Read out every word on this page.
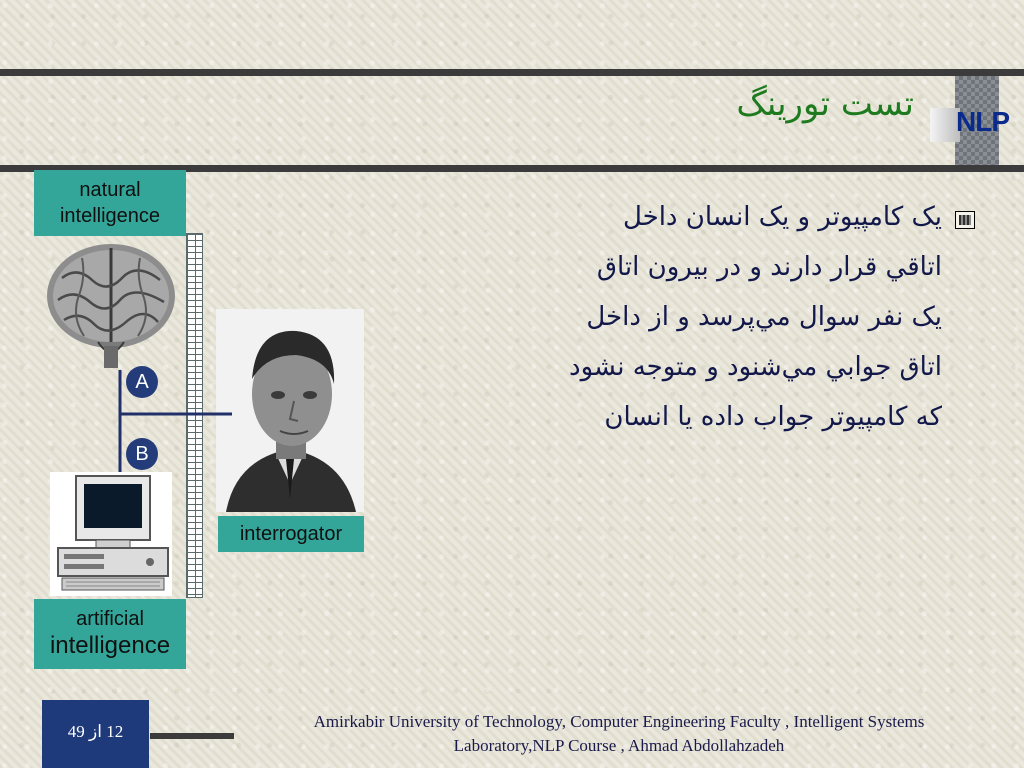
NLP
تست تورينگ
natural intelligence
A
B
interrogator
artificial
intelligence
يک کامپيوتر و يک انسان داخل
اتاقي قرار دارند و در بيرون اتاق
يک نفر سوال مي‌پرسد و از داخل
اتاق جوابي مي‌شنود و متوجه نشود
که کامپيوتر جواب داده يا انسان
12 از 49
Amirkabir University of Technology, Computer Engineering Faculty , Intelligent Systems
Laboratory,NLP Course , Ahmad Abdollahzadeh
